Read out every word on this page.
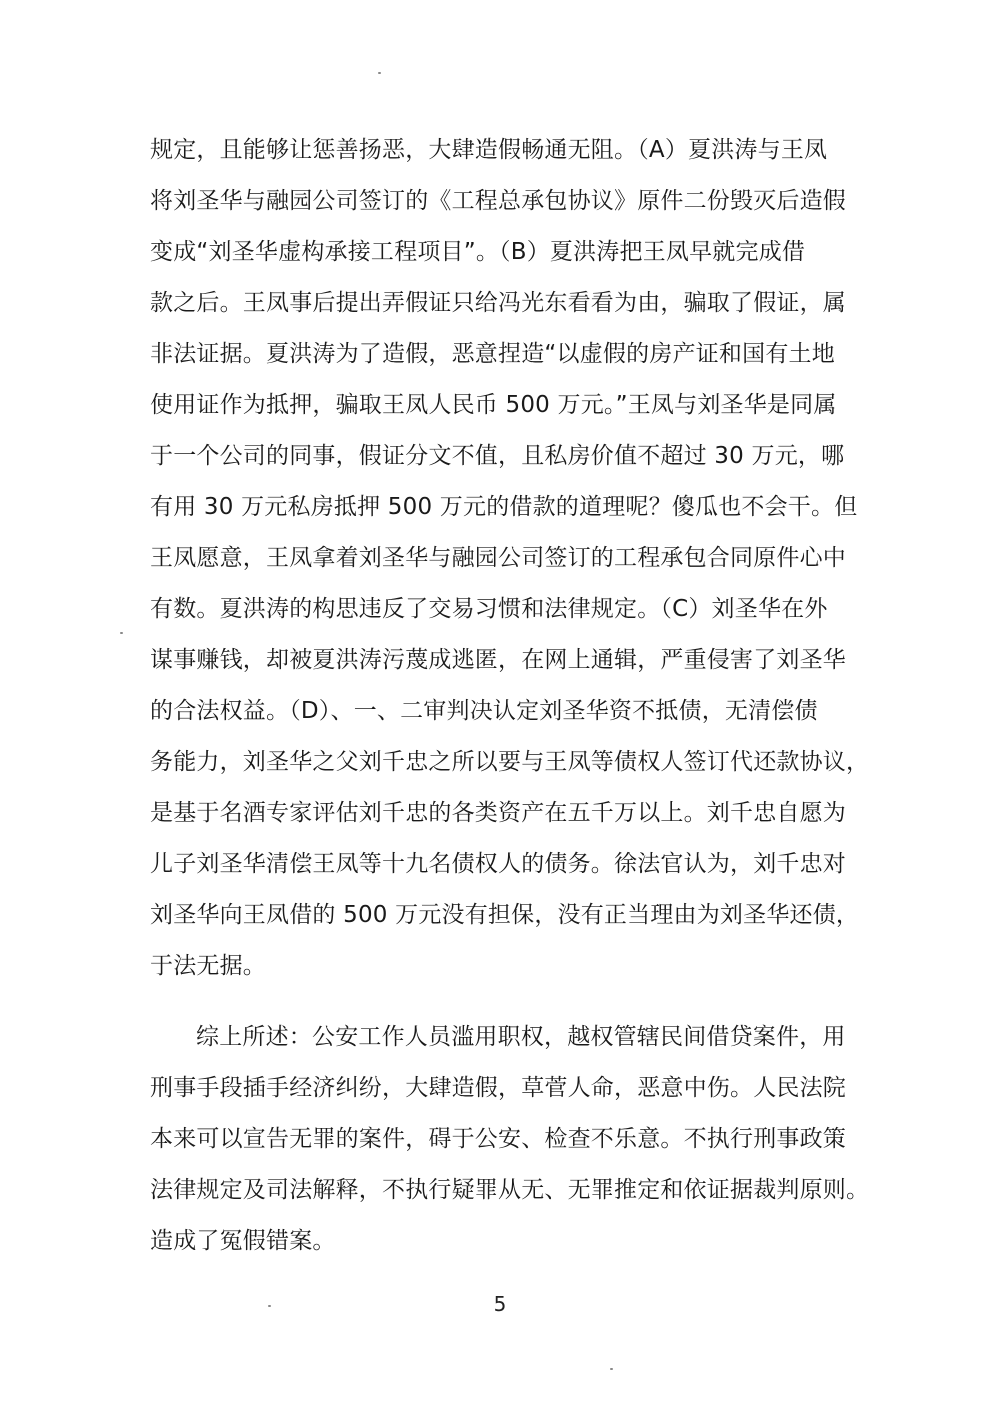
规定，且能够让惩善扬恶，大肆造假畅通无阻。（A）夏洪涛与王凤
将刘圣华与融园公司签订的《工程总承包协议》原件二份毁灭后造假
变成“刘圣华虚构承接工程项目”。（B）夏洪涛把王凤早就完成借
款之后。王凤事后提出弄假证只给冯光东看看为由，骗取了假证，属
非法证据。夏洪涛为了造假，恶意捏造“以虚假的房产证和国有土地
使用证作为抵押，骗取王凤人民币 500 万元。”王凤与刘圣华是同属
于一个公司的同事，假证分文不值，且私房价值不超过 30 万元，哪
有用 30 万元私房抵押 500 万元的借款的道理呢？傻瓜也不会干。但
王凤愿意，王凤拿着刘圣华与融园公司签订的工程承包合同原件心中
有数。夏洪涛的构思违反了交易习惯和法律规定。（C）刘圣华在外
谋事赚钱，却被夏洪涛污蔑成逃匿，在网上通辑，严重侵害了刘圣华
的合法权益。（D）、一、二审判决认定刘圣华资不抵债，无清偿债
务能力，刘圣华之父刘千忠之所以要与王凤等债权人签订代还款协议，
是基于名酒专家评估刘千忠的各类资产在五千万以上。刘千忠自愿为
儿子刘圣华清偿王凤等十九名债权人的债务。徐法官认为，刘千忠对
刘圣华向王凤借的 500 万元没有担保，没有正当理由为刘圣华还债，
于法无据。
综上所述：公安工作人员滥用职权，越权管辖民间借贷案件，用
刑事手段插手经济纠纷，大肆造假，草菅人命，恶意中伤。人民法院
本来可以宣告无罪的案件，碍于公安、检查不乐意。不执行刑事政策
法律规定及司法解释，不执行疑罪从无、无罪推定和依证据裁判原则。
造成了冤假错案。
5
